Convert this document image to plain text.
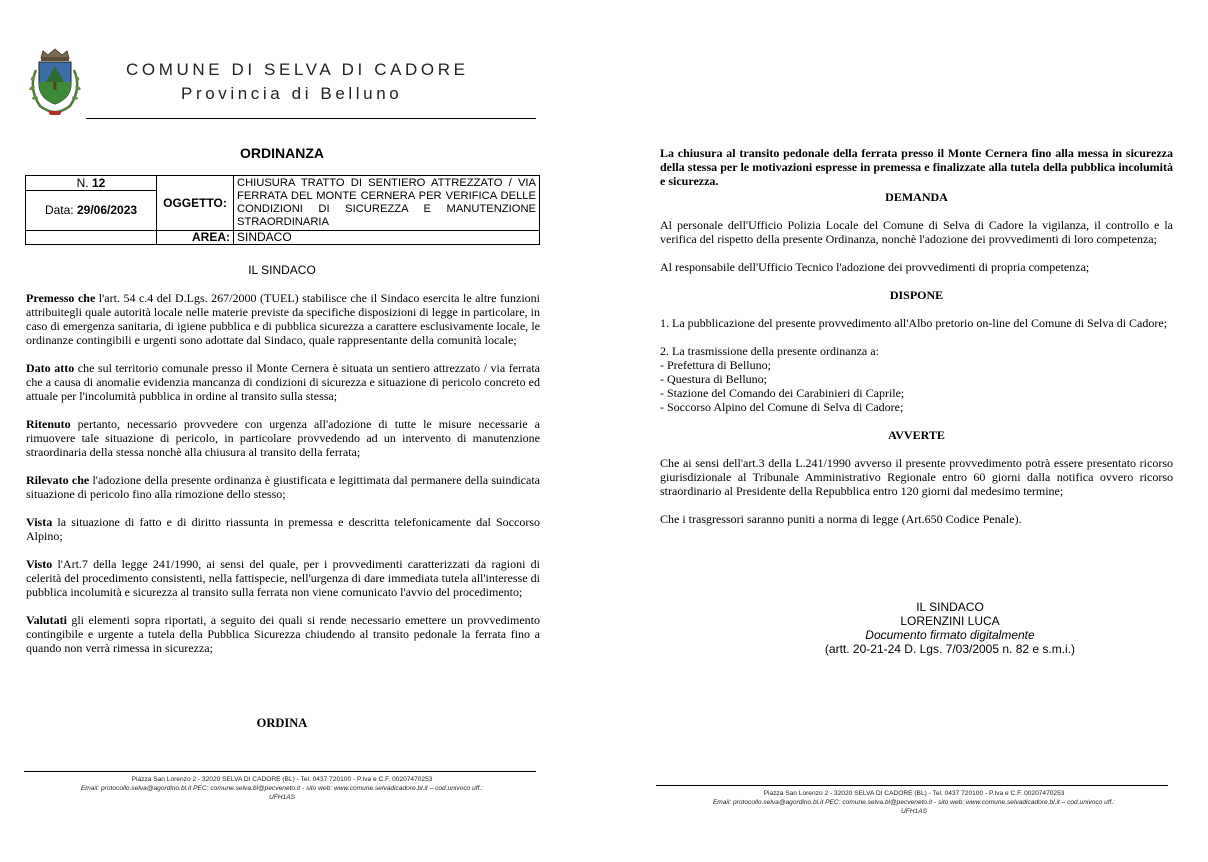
COMUNE DI SELVA DI CADORE
Provincia di Belluno
ORDINANZA
N. 12	OGGETTO:	CHIUSURA TRATTO DI SENTIERO ATTREZZATO / VIA FERRATA DEL MONTE CERNERA PER VERIFICA DELLE CONDIZIONI DI SICUREZZA E MANUTENZIONE STRAORDINARIA
Data: 29/06/2023		
	AREA:	SINDACO
IL SINDACO

Premesso che l'art. 54 c.4 del D.Lgs. 267/2000 (TUEL) stabilisce che il Sindaco esercita le altre funzioni attribuitegli quale autorità locale nelle materie previste da specifiche disposizioni di legge in particolare, in caso di emergenza sanitaria, di igiene pubblica e di pubblica sicurezza a carattere esclusivamente locale, le ordinanze contingibili e urgenti sono adottate dal Sindaco, quale rappresentante della comunità locale;

Dato atto che sul territorio comunale presso il Monte Cernera è situata un sentiero attrezzato / via ferrata che a causa di anomalie evidenzia mancanza di condizioni di sicurezza e situazione di pericolo concreto ed attuale per l'incolumità pubblica in ordine al transito sulla stessa;

Ritenuto pertanto, necessario provvedere con urgenza all'adozione di tutte le misure necessarie a rimuovere tale situazione di pericolo, in particolare provvedendo ad un intervento di manutenzione straordinaria della stessa nonchè alla chiusura al transito della ferrata;

Rilevato che l'adozione della presente ordinanza è giustificata e legittimata dal permanere della suindicata situazione di pericolo fino alla rimozione dello stesso;

Vista la situazione di fatto e di diritto riassunta in premessa e descritta telefonicamente dal Soccorso Alpino;

Visto l'Art.7 della legge 241/1990, ai sensi del quale, per i provvedimenti caratterizzati da ragioni di celerità del procedimento consistenti, nella fattispecie, nell'urgenza di dare immediata tutela all'interesse di pubblica incolumità e sicurezza al transito sulla ferrata non viene comunicato l'avvio del procedimento;

Valutati gli elementi sopra riportati, a seguito dei quali si rende necessario emettere un provvedimento contingibile e urgente a tutela della Pubblica Sicurezza chiudendo al transito pedonale la ferrata fino a quando non verrà rimessa in sicurezza;

ORDINA
Piazza San Lorenzo 2 - 32020 SELVA DI CADORE (BL) - Tel. 0437 720100 - P.Iva e C.F. 00207470253
Email: protocollo.selva@agordino.bl.it PEC: comune.selva.bl@pecveneto.it - sito web: www.comune.selvadicadore.bl.it – cod.univoco uff.:
UFH1AS

La chiusura al transito pedonale della ferrata presso il Monte Cernera fino alla messa in sicurezza della stessa per le motivazioni espresse in premessa e finalizzate alla tutela della pubblica incolumità e sicurezza.

DEMANDA

Al personale dell'Ufficio Polizia Locale del Comune di Selva di Cadore la vigilanza, il controllo e la verifica del rispetto della presente Ordinanza, nonchè l'adozione dei provvedimenti di loro competenza;

Al responsabile dell'Ufficio Tecnico l'adozione dei provvedimenti di propria competenza;

DISPONE

1. La pubblicazione del presente provvedimento all'Albo pretorio on-line del Comune di Selva di Cadore;

2. La trasmissione della presente ordinanza a:
- Prefettura di Belluno;
- Questura di Belluno;
- Stazione del Comando dei Carabinieri di Caprile;
- Soccorso Alpino del Comune di Selva di Cadore;

AVVERTE

Che ai sensi dell'art.3 della L.241/1990 avverso il presente provvedimento potrà essere presentato ricorso giurisdizionale al Tribunale Amministrativo Regionale entro 60 giorni dalla notifica ovvero ricorso straordinario al Presidente della Repubblica entro 120 giorni dal medesimo termine;

Che i trasgressori saranno puniti a norma di legge (Art.650 Codice Penale).

IL SINDACO
LORENZINI LUCA
Documento firmato digitalmente
(artt. 20-21-24 D. Lgs. 7/03/2005 n. 82 e s.m.i.)
Piazza San Lorenzo 2 - 32020 SELVA DI CADORE (BL) - Tel. 0437 720100 - P.Iva e C.F. 00207470253
Email: protocollo.selva@agordino.bl.it PEC: comune.selva.bl@pecveneto.it - sito web: www.comune.selvadicadore.bl.it – cod.univoco uff.:
UFH1AS
